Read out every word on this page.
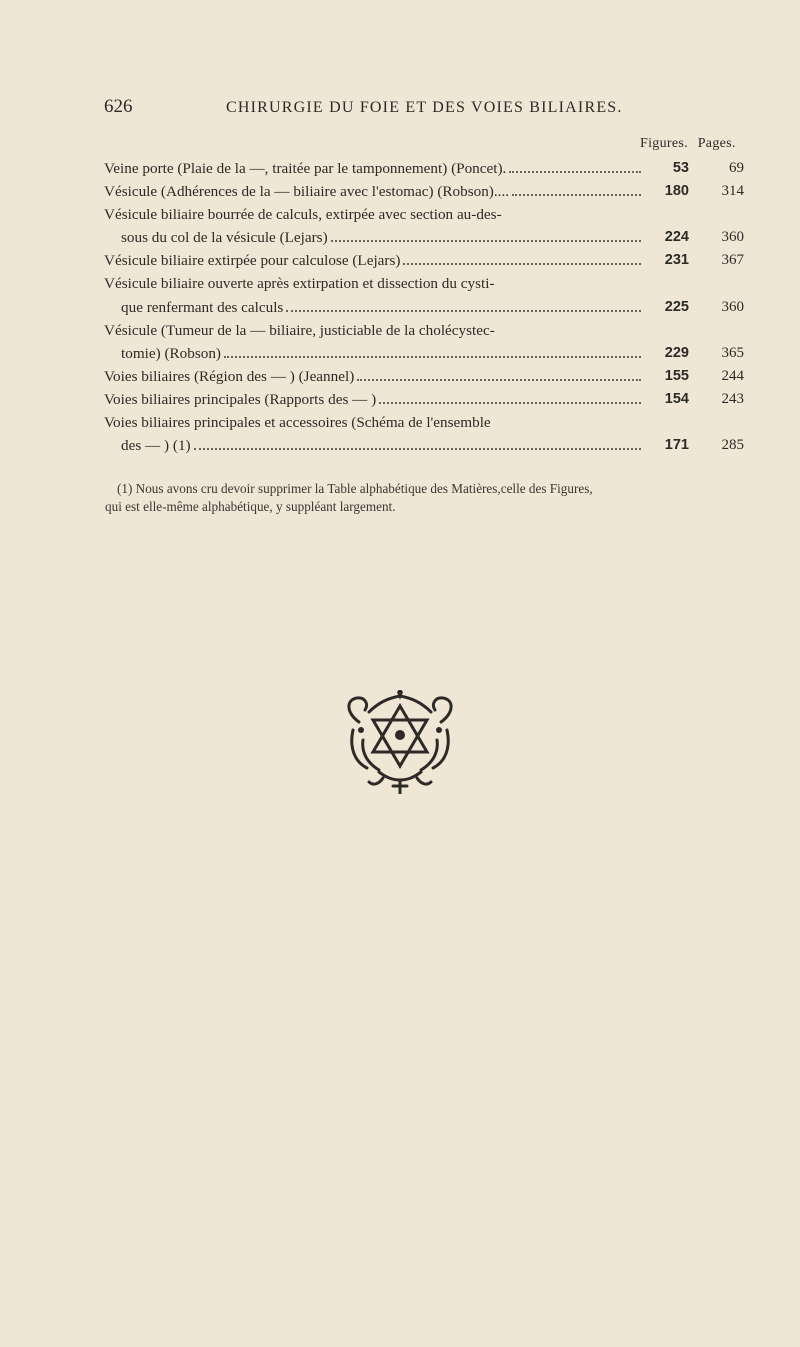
626	CHIRURGIE DU FOIE ET DES VOIES BILIAIRES.
Figures. Pages.
Veine porte (Plaie de la —, traitée par le tamponnement) (Poncet).	53	69
Vésicule (Adhérences de la — biliaire avec l'estomac) (Robson)....	180	314
Vésicule biliaire bourrée de calculs, extirpée avec section au-des-
sous du col de la vésicule (Lejars)	224	360
Vésicule biliaire extirpée pour calculose (Lejars)	231	367
Vésicule biliaire ouverte après extirpation et dissection du cysti-
que renfermant des calculs	225	360
Vésicule (Tumeur de la — biliaire, justiciable de la cholécystec-
tomie) (Robson)	229	365
Voies biliaires (Région des — ) (Jeannel)	155	244
Voies biliaires principales (Rapports des — )	154	243
Voies biliaires principales et accessoires (Schéma de l'ensemble
des — ) (1)	171	285
(1) Nous avons cru devoir supprimer la Table alphabétique des Matières,celle des Figures,
qui est elle-même alphabétique, y suppléant largement.
